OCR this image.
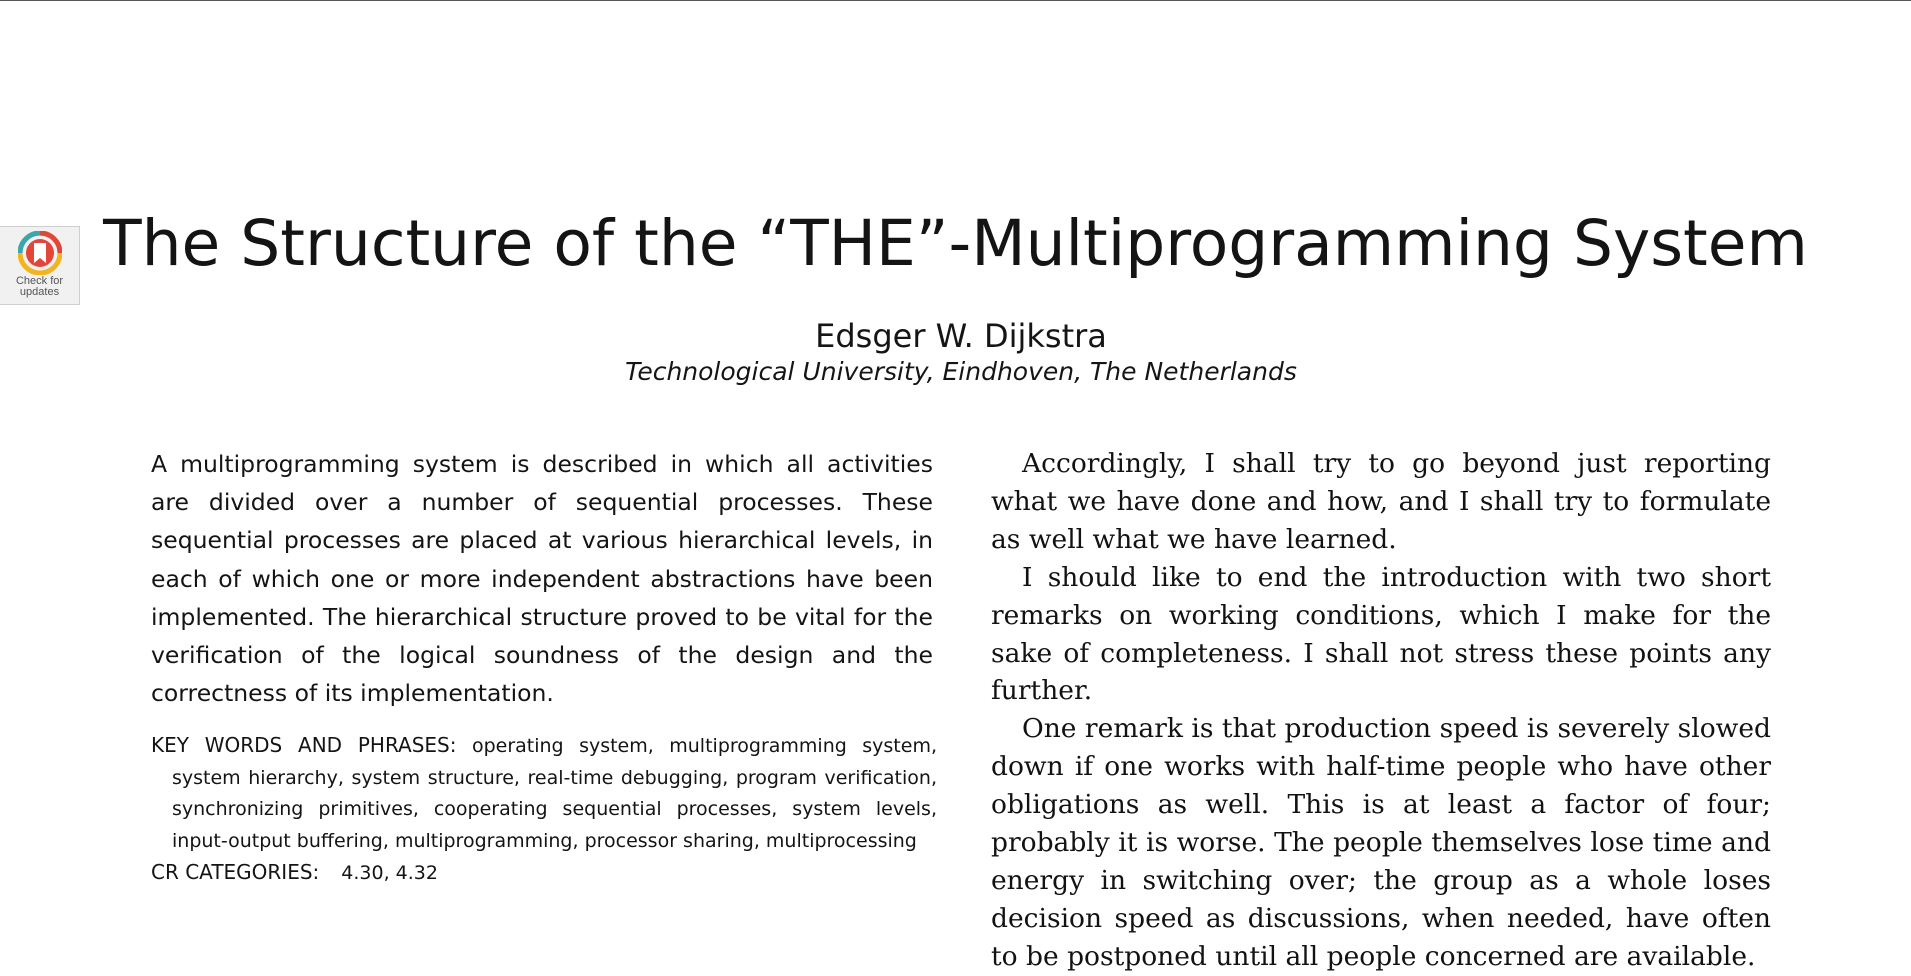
Check for updates
The Structure of the “THE”-Multiprogramming System
Edsger W. Dijkstra
Technological University, Eindhoven, The Netherlands

A multiprogramming system is described in which all activities are divided over a number of sequential processes. These sequential processes are placed at various hierarchical levels, in each of which one or more independent abstractions have been implemented. The hierarchical structure proved to be vital for the verification of the logical soundness of the design and the correctness of its implementation.

KEY WORDS AND PHRASES: operating system, multiprogramming system, system hierarchy, system structure, real-time debugging, program verification, synchronizing primitives, cooperating sequential processes, system levels, input-output buffering, multiprogramming, processor sharing, multiprocessing

CR CATEGORIES: 4.30, 4.32

Accordingly, I shall try to go beyond just reporting what we have done and how, and I shall try to formulate as well what we have learned.

I should like to end the introduction with two short remarks on working conditions, which I make for the sake of completeness. I shall not stress these points any further.

One remark is that production speed is severely slowed down if one works with half-time people who have other obligations as well. This is at least a factor of four; probably it is worse. The people themselves lose time and energy in switching over; the group as a whole loses decision speed as discussions, when needed, have often to be postponed until all people concerned are available.
